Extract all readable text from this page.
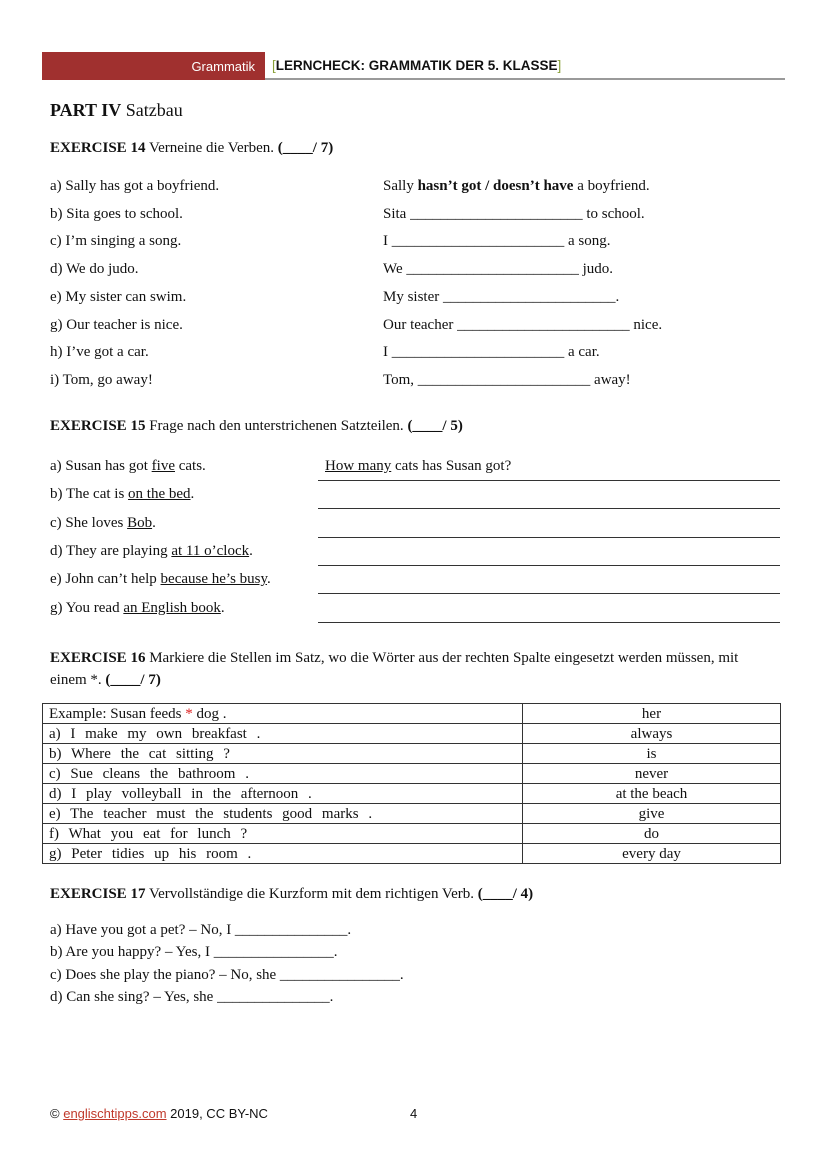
Grammatik [LERNCHECK: GRAMMATIK DER 5. KLASSE]
PART IV Satzbau
EXERCISE 14 Verneine die Verben. (____/ 7)
EXERCISE 15 Frage nach den unterstrichenen Satzteilen. (____/ 5)
EXERCISE 16 Markiere die Stellen im Satz, wo die Wörter aus der rechten Spalte eingesetzt werden müssen, mit einem *. (____/ 7)
Example: Susan feeds * dog .	her
a) I make my own breakfast .	always
b) Where the cat sitting ?	is
c) Sue cleans the bathroom .	never
d) I play volleyball in the afternoon .	at the beach
e) The teacher must the students good marks .	give
f) What you eat for lunch ?	do
g) Peter tidies up his room .	every day
EXERCISE 17 Vervollständige die Kurzform mit dem richtigen Verb. (____/ 4)
© englischtipps.com 2019, CC BY-NC	4
a) Sally has got a boyfriend.	Sally hasn’t got / doesn’t have a boyfriend.
b) Sita goes to school.	Sita _______________________ to school.
c) I’m singing a song.	I _______________________ a song.
d) We do judo.	We _______________________ judo.
e) My sister can swim.	My sister _______________________.
g) Our teacher is nice.	Our teacher _______________________ nice.
h) I’ve got a car.	I _______________________ a car.
i) Tom, go away!	Tom, _______________________ away!
a) Susan has got five cats.	How many cats has Susan got?
b) The cat is on the bed.
c) She loves Bob.
d) They are playing at 11 o’clock.
e) John can’t help because he’s busy.
g) You read an English book.
a) Have you got a pet? – No, I _______________.
b) Are you happy? – Yes, I ________________.
c) Does she play the piano? – No, she ________________.
d) Can she sing? – Yes, she _______________.
